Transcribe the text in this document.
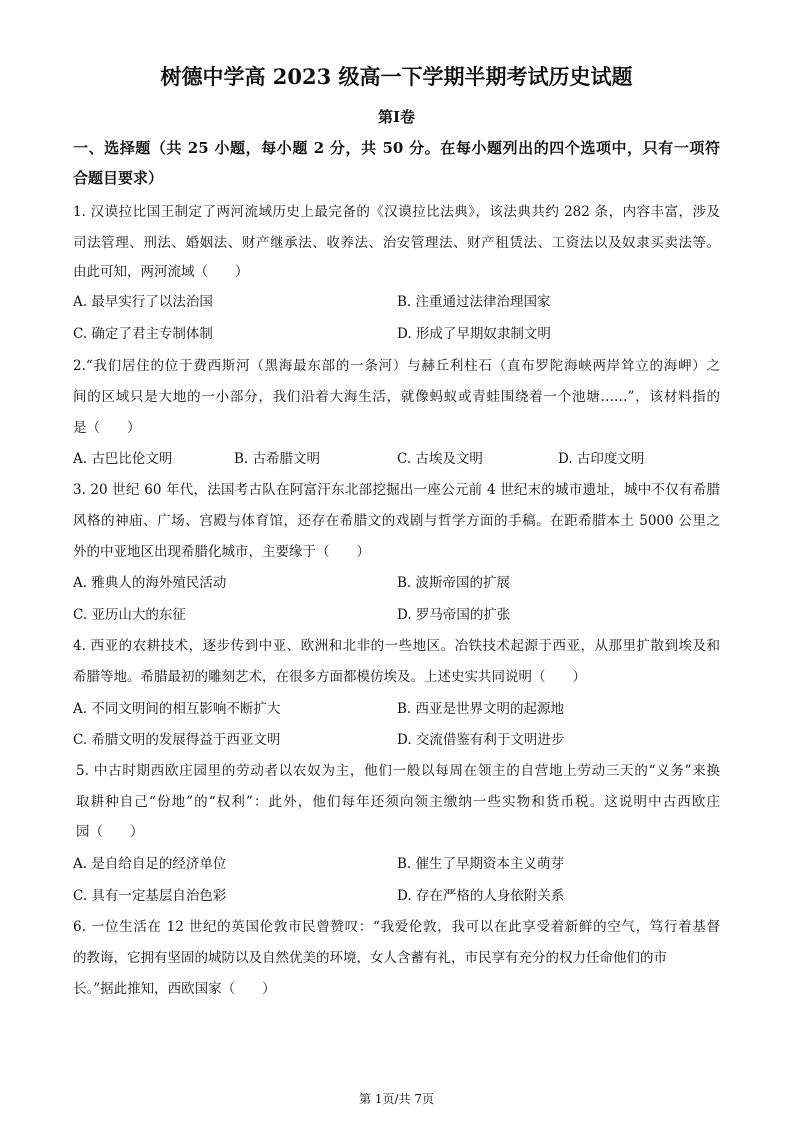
树德中学高 2023 级高一下学期半期考试历史试题
第Ⅰ卷
一、选择题（共 25 小题，每小题 2 分，共 50 分。在每小题列出的四个选项中，只有一项符
合题目要求）
1. 汉谟拉比国王制定了两河流域历史上最完备的《汉谟拉比法典》，该法典共约 282 条，内容丰富，涉及
司法管理、刑法、婚姻法、财产继承法、收养法、治安管理法、财产租赁法、工资法以及奴隶买卖法等。
由此可知，两河流域（　　）
A. 最早实行了以法治国	B. 注重通过法律治理国家
C. 确定了君主专制体制	D. 形成了早期奴隶制文明
2.“我们居住的位于费西斯河（黑海最东部的一条河）与赫丘利柱石（直布罗陀海峡两岸耸立的海岬）之
间的区域只是大地的一小部分，我们沿着大海生活，就像蚂蚁或青蛙围绕着一个池塘……”，该材料指的
是（　　）
A. 古巴比伦文明	B. 古希腊文明	C. 古埃及文明	D. 古印度文明
3. 20 世纪 60 年代，法国考古队在阿富汗东北部挖掘出一座公元前 4 世纪末的城市遗址，城中不仅有希腊
风格的神庙、广场、宫殿与体育馆，还存在希腊文的戏剧与哲学方面的手稿。在距希腊本土 5000 公里之
外的中亚地区出现希腊化城市，主要缘于（　　）
A. 雅典人的海外殖民活动	B. 波斯帝国的扩展
C. 亚历山大的东征	D. 罗马帝国的扩张
4. 西亚的农耕技术，逐步传到中亚、欧洲和北非的一些地区。冶铁技术起源于西亚，从那里扩散到埃及和
希腊等地。希腊最初的雕刻艺术，在很多方面都模仿埃及。上述史实共同说明（　　）
A. 不同文明间的相互影响不断扩大	B. 西亚是世界文明的起源地
C. 希腊文明的发展得益于西亚文明	D. 交流借鉴有利于文明进步
5. 中古时期西欧庄园里的劳动者以农奴为主，他们一般以每周在领主的自营地上劳动三天的“义务”来换
取耕种自己“份地”的“权利”：此外，他们每年还须向领主缴纳一些实物和货币税。这说明中古西欧庄
园（　　）
A. 是自给自足的经济单位	B. 催生了早期资本主义萌芽
C. 具有一定基层自治色彩	D. 存在严格的人身依附关系
6. 一位生活在 12 世纪的英国伦敦市民曾赞叹：“我爱伦敦，我可以在此享受着新鲜的空气，笃行着基督
的教诲，它拥有坚固的城防以及自然优美的环境，女人含蓄有礼，市民享有充分的权力任命他们的市
长。”据此推知，西欧国家（　　）
第 1页/共 7页
